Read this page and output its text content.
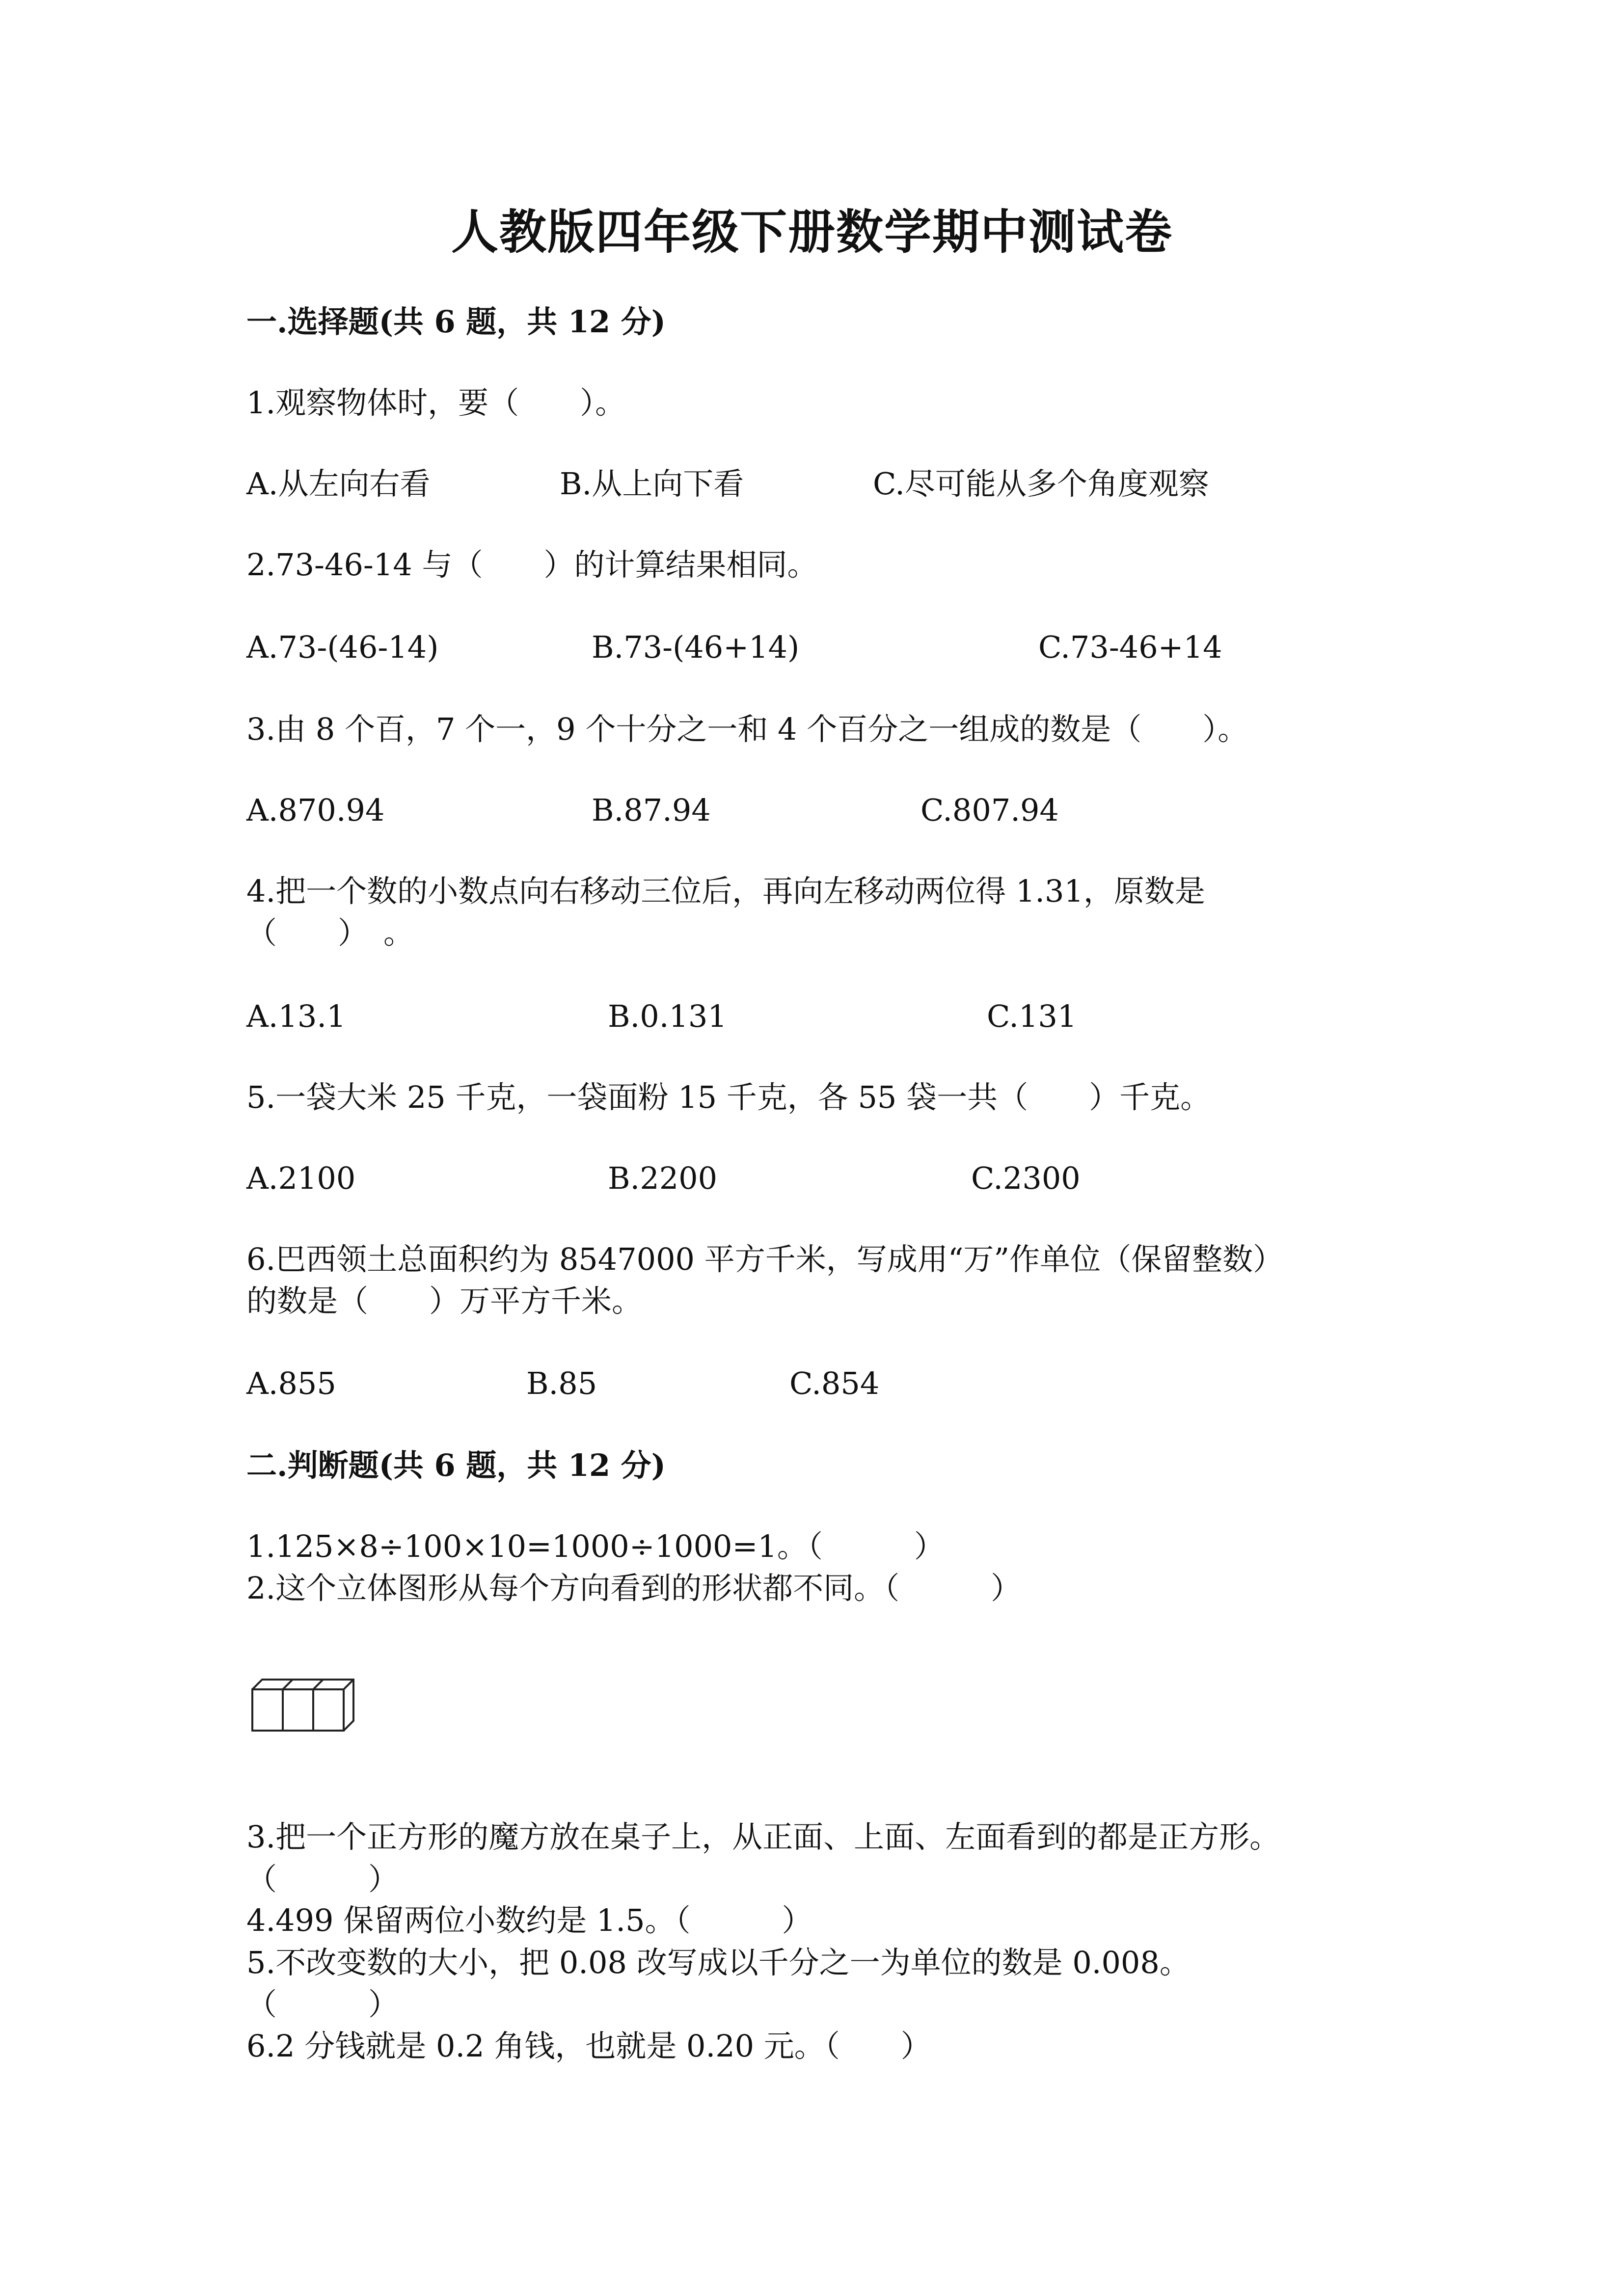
人教版四年级下册数学期中测试卷
一.选择题(共 6 题，共 12 分)
1.观察物体时，要（　　）。
A.从左向右看	B.从上向下看	C.尽可能从多个角度观察
2.73-46-14 与（　　）的计算结果相同。
A.73-(46-14)	B.73-(46+14)	C.73-46+14
3.由 8 个百，7 个一，9 个十分之一和 4 个百分之一组成的数是（　　）。
A.870.94	B.87.94	C.807.94
4.把一个数的小数点向右移动三位后，再向左移动两位得 1.31，原数是
（　　）　。
A.13.1	B.0.131	C.131
5.一袋大米 25 千克，一袋面粉 15 千克，各 55 袋一共（　　）千克。
A.2100	B.2200	C.2300
6.巴西领土总面积约为 8547000 平方千米，写成用“万”作单位（保留整数）
的数是（　　）万平方千米。
A.855	B.85	C.854
二.判断题(共 6 题，共 12 分)
1.125×8÷100×10=1000÷1000=1。（　　　）
2.这个立体图形从每个方向看到的形状都不同。（　　　）
3.把一个正方形的魔方放在桌子上，从正面、上面、左面看到的都是正方形。
（　　　）
4.499 保留两位小数约是 1.5。（　　　）
5.不改变数的大小，把 0.08 改写成以千分之一为单位的数是 0.008。
（　　　）
6.2 分钱就是 0.2 角钱，也就是 0.20 元。（　　）
